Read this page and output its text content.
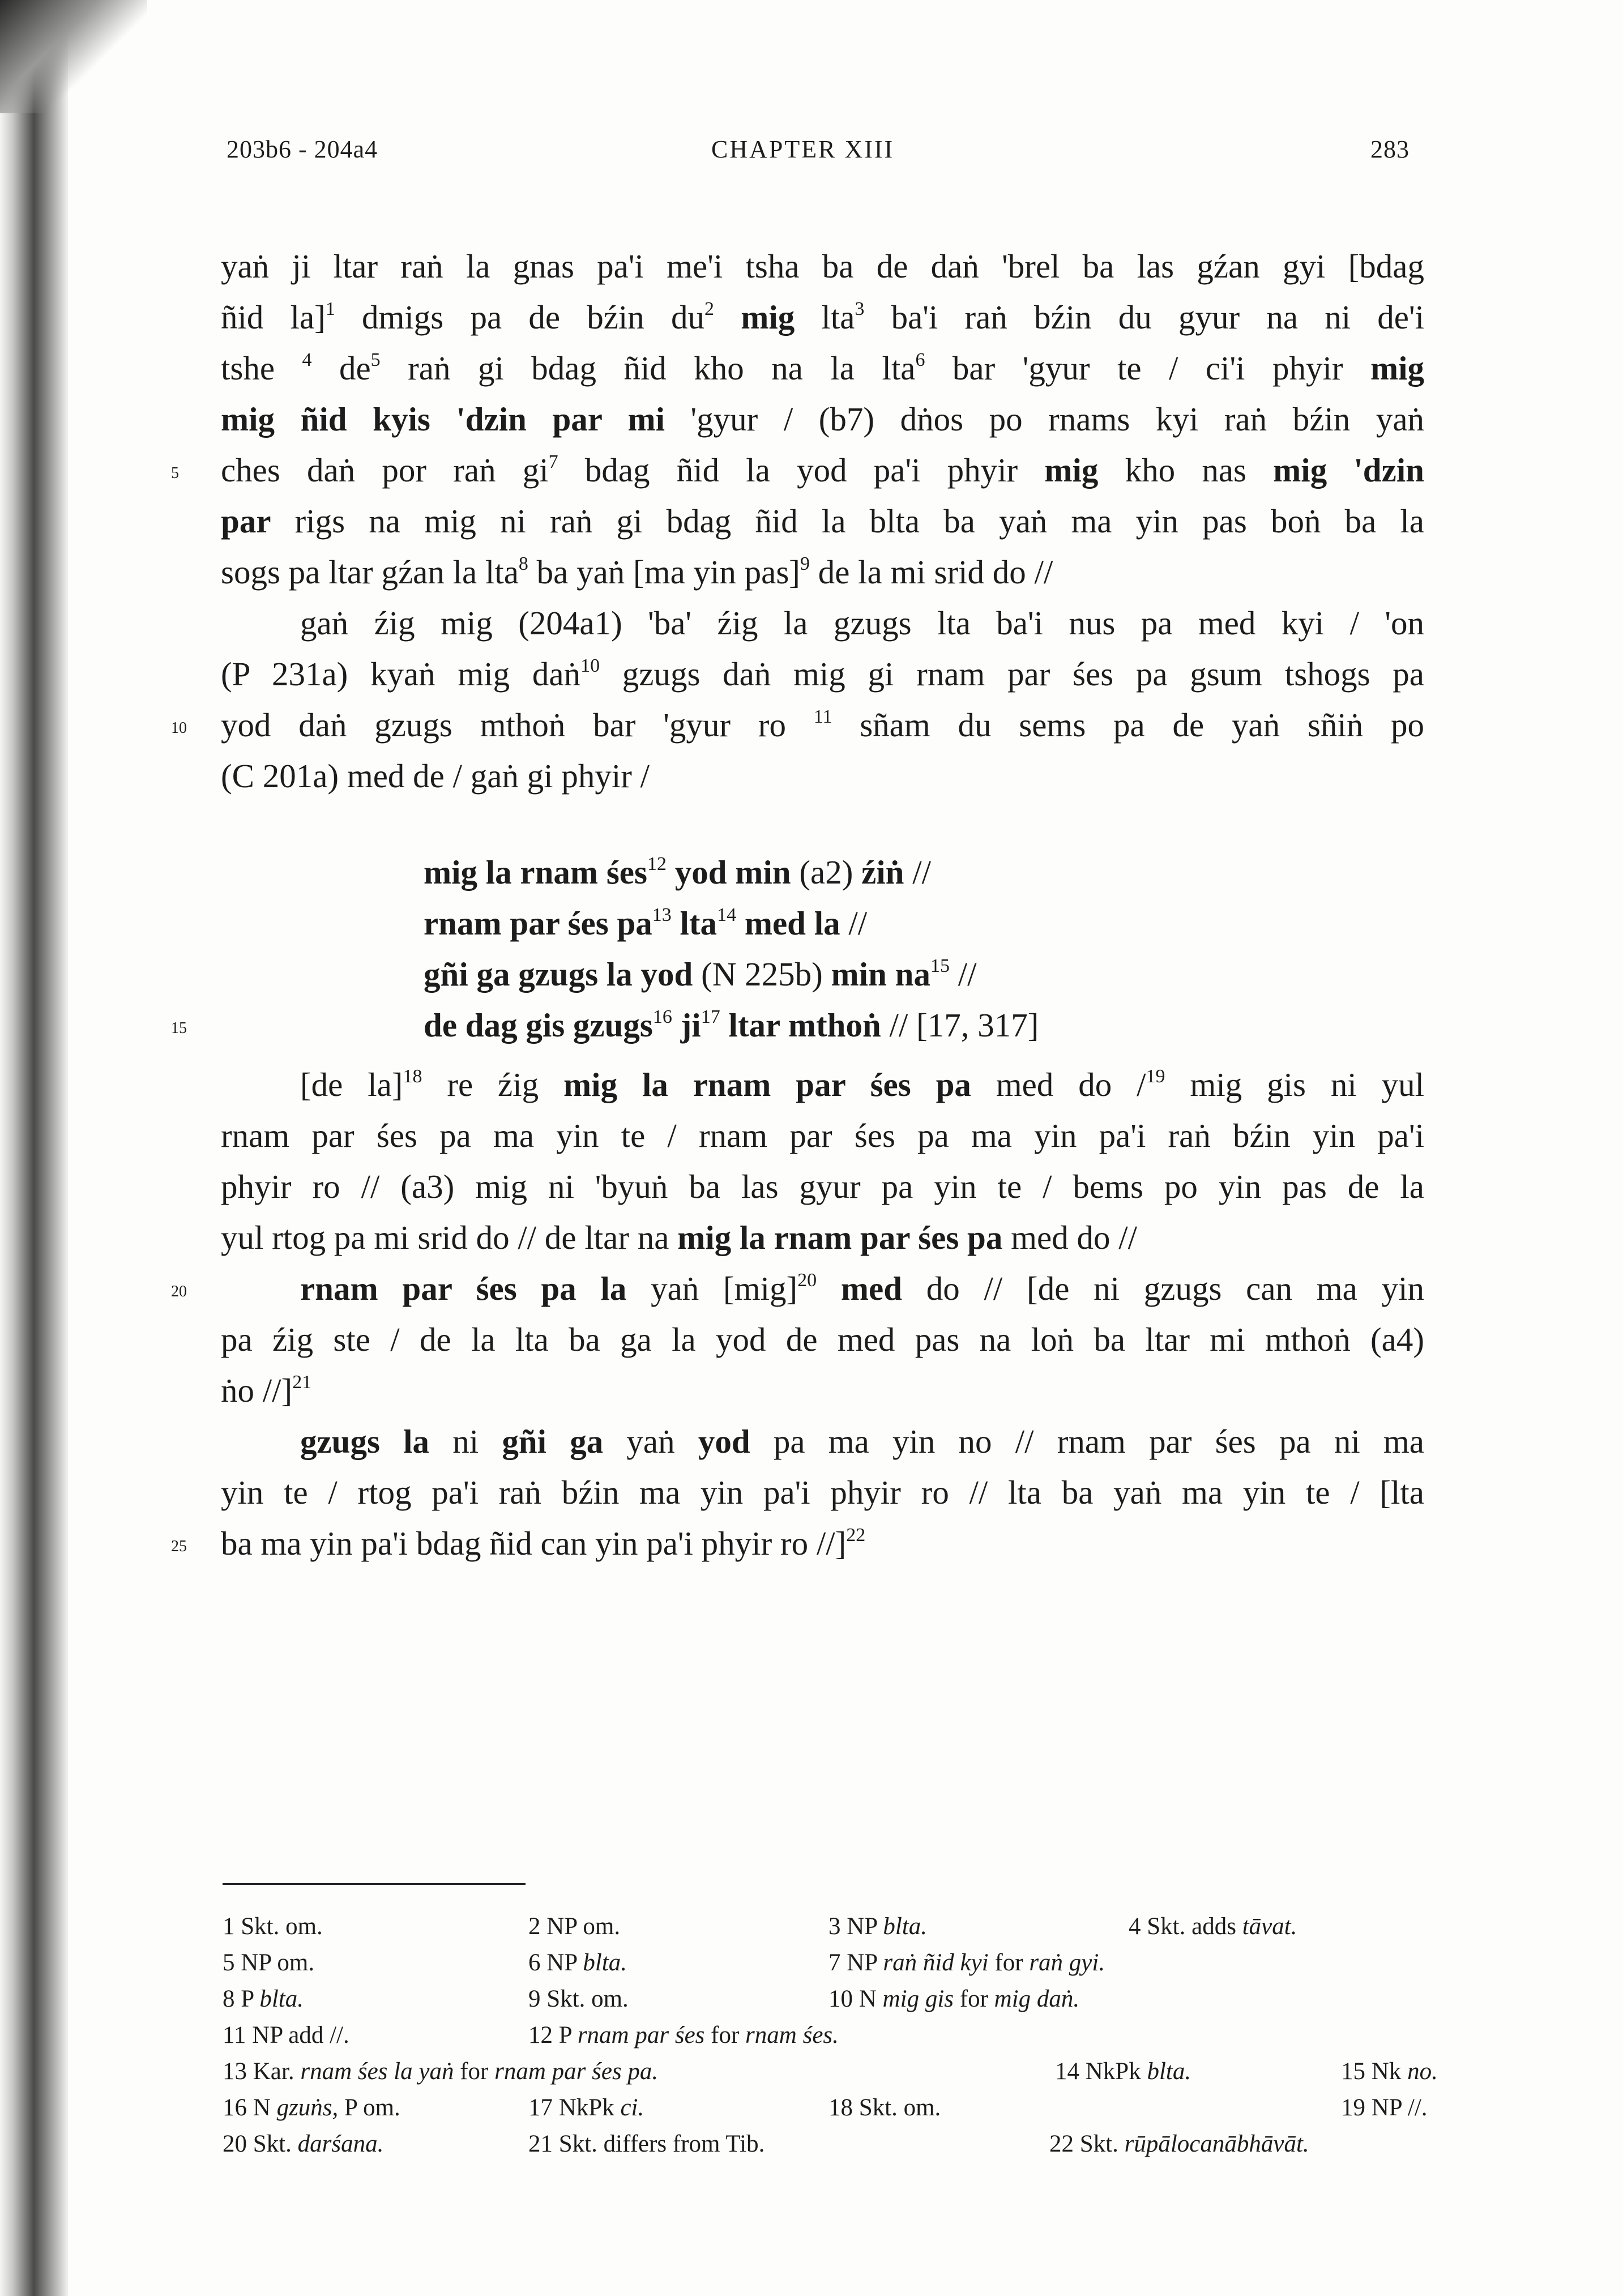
203b6 - 204a4	CHAPTER XIII	283
yaṅ ji ltar raṅ la gnas pa'i me'i tsha ba de daṅ 'brel ba las gźan gyi [bdag
ñid la]$^1$ dmigs pa de bźin $du^2$ mig lta$^3$ ba'i raṅ bźin du gyur na ni de'i
tshe $^4$ $de^5$ raṅ gi bdag ñid kho na la lta$^6$ bar 'gyur te / ci'i phyir mig
mig ñid kyis 'dzin par mi 'gyur / (b7) dṅos po rnams kyi raṅ bźin yaṅ
5 ches daṅ por raṅ $gi^7$ bdag ñid la yod pa'i phyir mig kho nas mig 'dzin
par rigs na mig ni raṅ gi bdag ñid la blta ba yaṅ ma yin pas boṅ ba la
sogs pa ltar gźan la lta$^8$ ba yaṅ [ma yin pas]$^9$ de la mi srid do //
gaṅ źig mig (204a1) 'ba' źig la gzugs lta ba'i nus pa med kyi / 'on
(P 231a) kyaṅ mig daṅ$^{10}$ gzugs daṅ mig gi rnam par śes pa gsum tshogs pa
10 yod daṅ gzugs mthoṅ bar 'gyur ro $^{11}$ sñam du sems pa de yaṅ sñiṅ po
(C 201a) med de / gaṅ gi phyir /
mig la rnam śes$^{12}$ yod min (a2) źiṅ //
rnam par śes $pa^{13}$ lta$^{14}$ med la //
gñi ga gzugs la yod (N 225b) $\min na^{15}$ //
15	de dag gis gzugs$^{16}$ $ji^{17}$ ltar mthoṅ // [17, 317]
[de la]$^{18}$ re źig mig la rnam par śes pa med do /$^{19}$ mig gis ni yul
rnam par śes pa ma yin te / rnam par śes pa ma yin pa'i raṅ bźin yin pa'i
phyir ro // (a3) mig ni 'byuṅ ba las gyur pa yin te / bems po yin pas de la
yul rtog pa mi srid do // de ltar na mig la rnam par śes pa med do //
20	rnam par śes pa la yaṅ [mig]$^{20}$ med do // [de ni gzugs can ma yin
pa źig ste / de la lta ba ga la yod de med pas na loṅ ba ltar mi mthoṅ (a4)
ṅo //]$^{21}$
gzugs la ni gñi ga yaṅ yod pa ma yin no // rnam par śes pa ni ma
yin te / rtog pa'i raṅ bźin ma yin pa'i phyir ro // lta ba yaṅ ma yin te / [lta
25 ba ma yin pa'i bdag ñid can yin pa'i phyir ro //]$^{22}$
1 Skt. om.	2 NP om.	3 NP blta.	4 Skt. adds tāvat.
5 NP om.	6 NP blta.	7 NP raṅ ñid kyi for raṅ gyi.
8 P blta.	9 Skt. om.	10 N mig gis for mig daṅ.
11 NP add //.	12 P rnam par śes for rnam śes.
13 Kar. rnam śes la yaṅ for rnam par śes pa.	14 NkPk blta.	15 Nk no.
16 N gzuṅs, P om.	17 NkPk ci.	18 Skt. om.	19 NP //.
20 Skt. darśana.	21 Skt. differs from Tib.	22 Skt. rūpālocanābhāvāt.
